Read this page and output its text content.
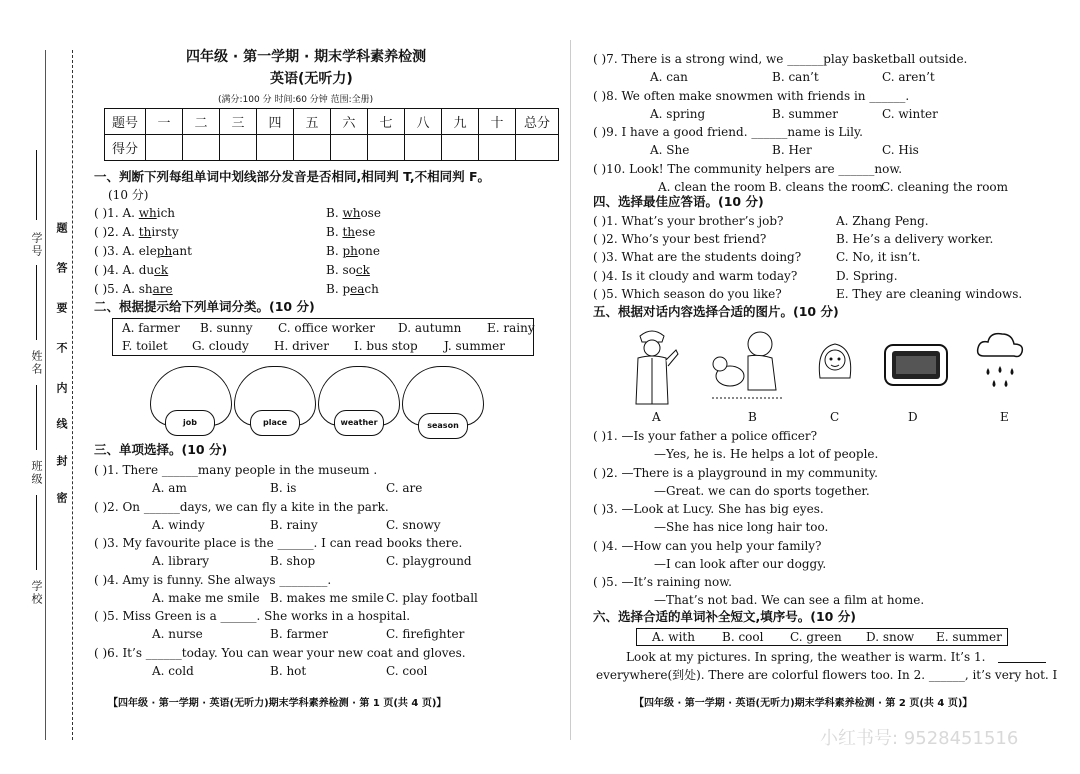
学号
姓名
班级
学校
题
答
要
不
内
线
封
密
四年级 · 第一学期 · 期末学科素养检测
英语(无听力)
(满分:100 分 时间:60 分钟 范围:全册)
题号	一	二	三	四	五	六	七	八	九	十	总分
得分											
一、判断下列每组单词中划线部分发音是否相同,相同判 T,不相同判 F。
(10 分)
( )1. A. which	B. whose
( )2. A. thirsty	B. these
( )3. A. elephant	B. phone
( )4. A. duck	B. sock
( )5. A. share	B. peach
二、根据提示给下列单词分类。(10 分)
A. farmer B. sunny C. office worker D. autumn E. rainy
F. toilet G. cloudy H. driver I. bus stop J. summer
job	place	weather	season
三、单项选择。(10 分)
( )1. There ______many people in the museum .
A. am	B. is	C. are
( )2. On ______days, we can fly a kite in the park.
A. windy	B. rainy	C. snowy
( )3. My favourite place is the ______. I can read books there.
A. library	B. shop	C. playground
( )4. Amy is funny. She always ________.
A. make me smile B. makes me smile C. play football
( )5. Miss Green is a ______. She works in a hospital.
A. nurse	B. farmer	C. firefighter
( )6. It’s ______today. You can wear your new coat and gloves.
A. cold	B. hot	C. cool
( )7. There is a strong wind, we ______play basketball outside.
A. can	B. can’t	C. aren’t
( )8. We often make snowmen with friends in ______.
A. spring	B. summer	C. winter
( )9. I have a good friend. ______name is Lily.
A. She	B. Her	C. His
( )10. Look! The community helpers are ______now.
A. clean the room B. cleans the room
C. cleaning the room
四、选择最佳应答语。(10 分)
( )1. What’s your brother’s job?	A. Zhang Peng.
( )2. Who’s your best friend?	B. He’s a delivery worker.
( )3. What are the students doing?	C. No, it isn’t.
( )4. Is it cloudy and warm today?	D. Spring.
( )5. Which season do you like?	E. They are cleaning windows.
五、根据对话内容选择合适的图片。(10 分)
A	B	C	D	E
( )1. —Is your father a police officer?
—Yes, he is. He helps a lot of people.
( )2. —There is a playground in my community.
—Great. we can do sports together.
( )3. —Look at Lucy. She has big eyes.
—She has nice long hair too.
( )4. —How can you help your family?
—I can look after our doggy.
( )5. —It’s raining now.
—That’s not bad. We can see a film at home.
六、选择合适的单词补全短文,填序号。(10 分)
A. with B. cool C. green D. snow E. summer
Look at my pictures. In spring, the weather is warm. It’s 1.
everywhere(到处). There are colorful flowers too. In 2. ______, it’s very hot. I
【四年级 · 第一学期 · 英语(无听力)期末学科素养检测 · 第 1 页(共 4 页)】	【四年级 · 第一学期 · 英语(无听力)期末学科素养检测 · 第 2 页(共 4 页)】
小红书号: 9528451516
